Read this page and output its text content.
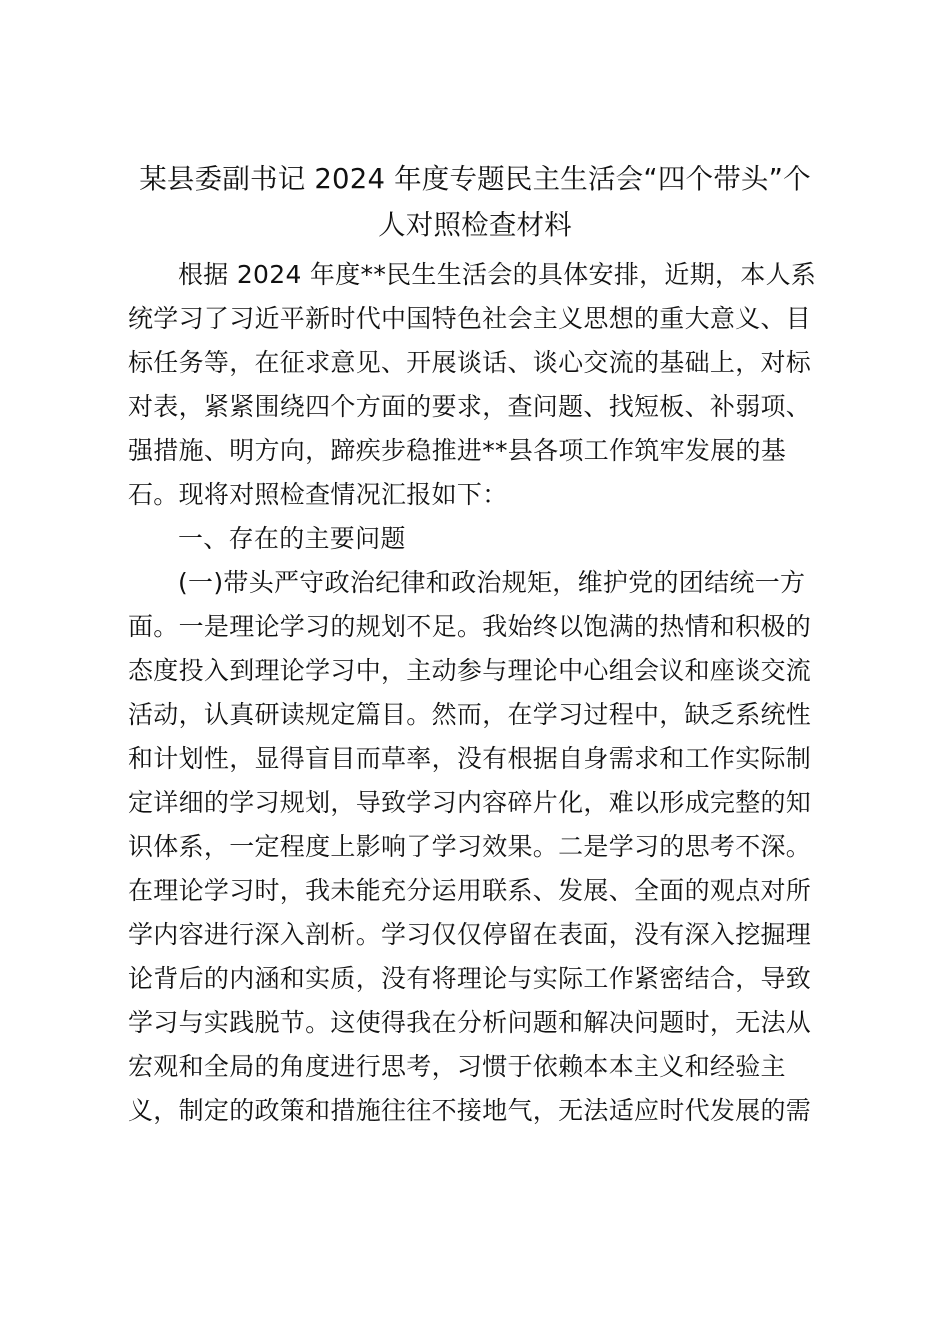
某县委副书记 2024 年度专题民主生活会“四个带头”个
人对照检查材料
根据 2024 年度**民生生活会的具体安排，近期，本人系
统学习了习近平新时代中国特色社会主义思想的重大意义、目
标任务等，在征求意见、开展谈话、谈心交流的基础上，对标
对表，紧紧围绕四个方面的要求，查问题、找短板、补弱项、
强措施、明方向，蹄疾步稳推进**县各项工作筑牢发展的基
石。现将对照检查情况汇报如下：
一、存在的主要问题
(一)带头严守政治纪律和政治规矩，维护党的团结统一方
面。一是理论学习的规划不足。我始终以饱满的热情和积极的
态度投入到理论学习中，主动参与理论中心组会议和座谈交流
活动，认真研读规定篇目。然而，在学习过程中，缺乏系统性
和计划性，显得盲目而草率，没有根据自身需求和工作实际制
定详细的学习规划，导致学习内容碎片化，难以形成完整的知
识体系，一定程度上影响了学习效果。二是学习的思考不深。
在理论学习时，我未能充分运用联系、发展、全面的观点对所
学内容进行深入剖析。学习仅仅停留在表面，没有深入挖掘理
论背后的内涵和实质，没有将理论与实际工作紧密结合，导致
学习与实践脱节。这使得我在分析问题和解决问题时，无法从
宏观和全局的角度进行思考，习惯于依赖本本主义和经验主
义，制定的政策和措施往往不接地气，无法适应时代发展的需
